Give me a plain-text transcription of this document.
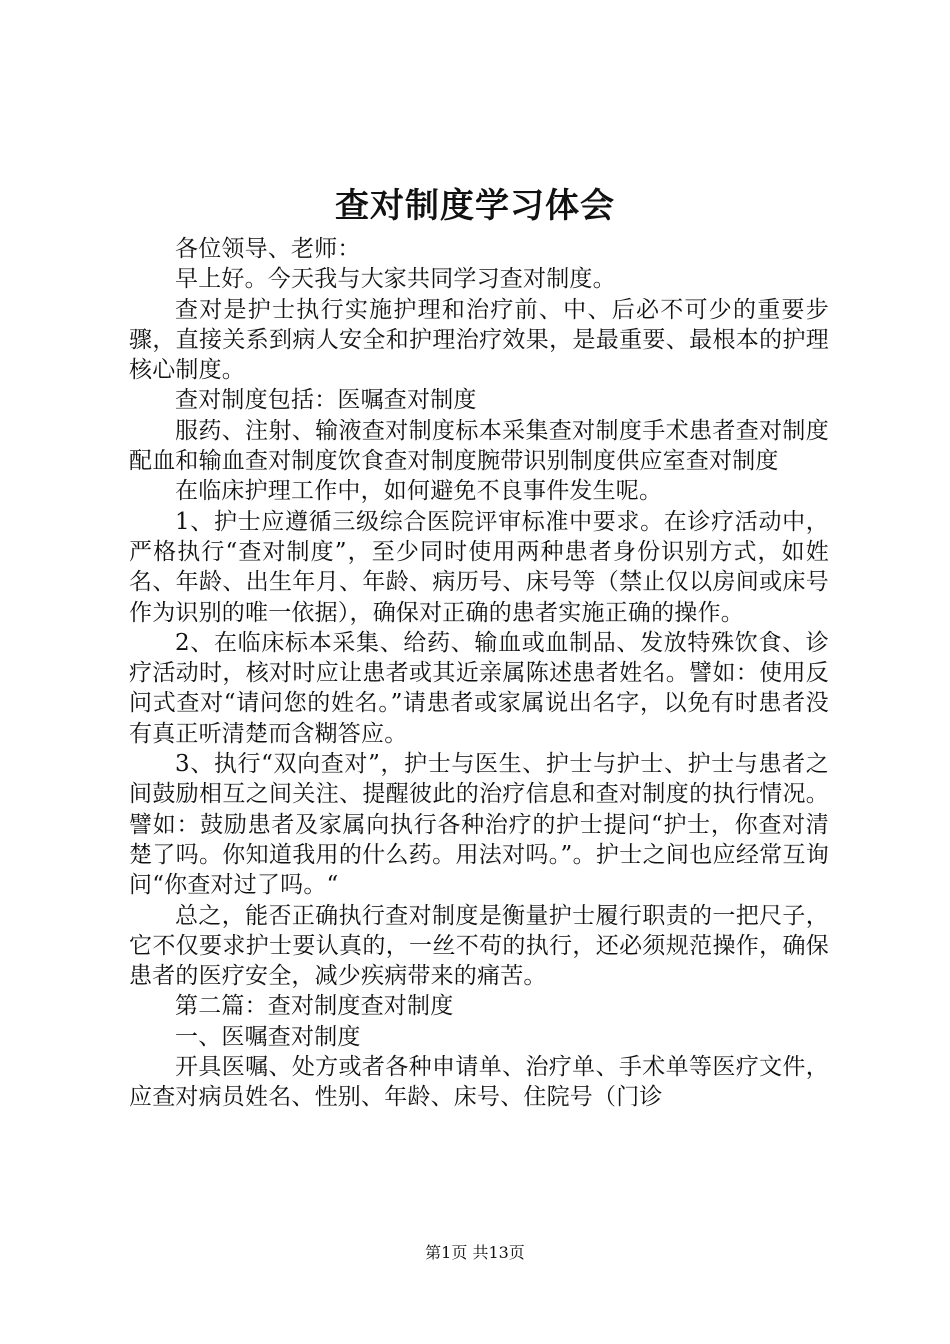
查对制度学习体会

各位领导、老师：

早上好。今天我与大家共同学习查对制度。

查对是护士执行实施护理和治疗前、中、后必不可少的重要步骤，直接关系到病人安全和护理治疗效果，是最重要、最根本的护理核心制度。

查对制度包括：医嘱查对制度

服药、注射、输液查对制度标本采集查对制度手术患者查对制度配血和输血查对制度饮食查对制度腕带识别制度供应室查对制度

在临床护理工作中，如何避免不良事件发生呢。

1、护士应遵循三级综合医院评审标准中要求。在诊疗活动中，严格执行“查对制度”，至少同时使用两种患者身份识别方式，如姓名、年龄、出生年月、年龄、病历号、床号等（禁止仅以房间或床号作为识别的唯一依据），确保对正确的患者实施正确的操作。

2、在临床标本采集、给药、输血或血制品、发放特殊饮食、诊疗活动时，核对时应让患者或其近亲属陈述患者姓名。譬如：使用反问式查对“请问您的姓名。”请患者或家属说出名字，以免有时患者没有真正听清楚而含糊答应。

3、执行“双向查对”，护士与医生、护士与护士、护士与患者之间鼓励相互之间关注、提醒彼此的治疗信息和查对制度的执行情况。譬如：鼓励患者及家属向执行各种治疗的护士提问“护士，你查对清楚了吗。你知道我用的什么药。用法对吗。”。护士之间也应经常互询问“你查对过了吗。“

总之，能否正确执行查对制度是衡量护士履行职责的一把尺子，它不仅要求护士要认真的，一丝不苟的执行，还必须规范操作，确保患者的医疗安全，减少疾病带来的痛苦。

第二篇：查对制度查对制度

一、医嘱查对制度

开具医嘱、处方或者各种申请单、治疗单、手术单等医疗文件，应查对病员姓名、性别、年龄、床号、住院号（门诊

第1页 共13页
